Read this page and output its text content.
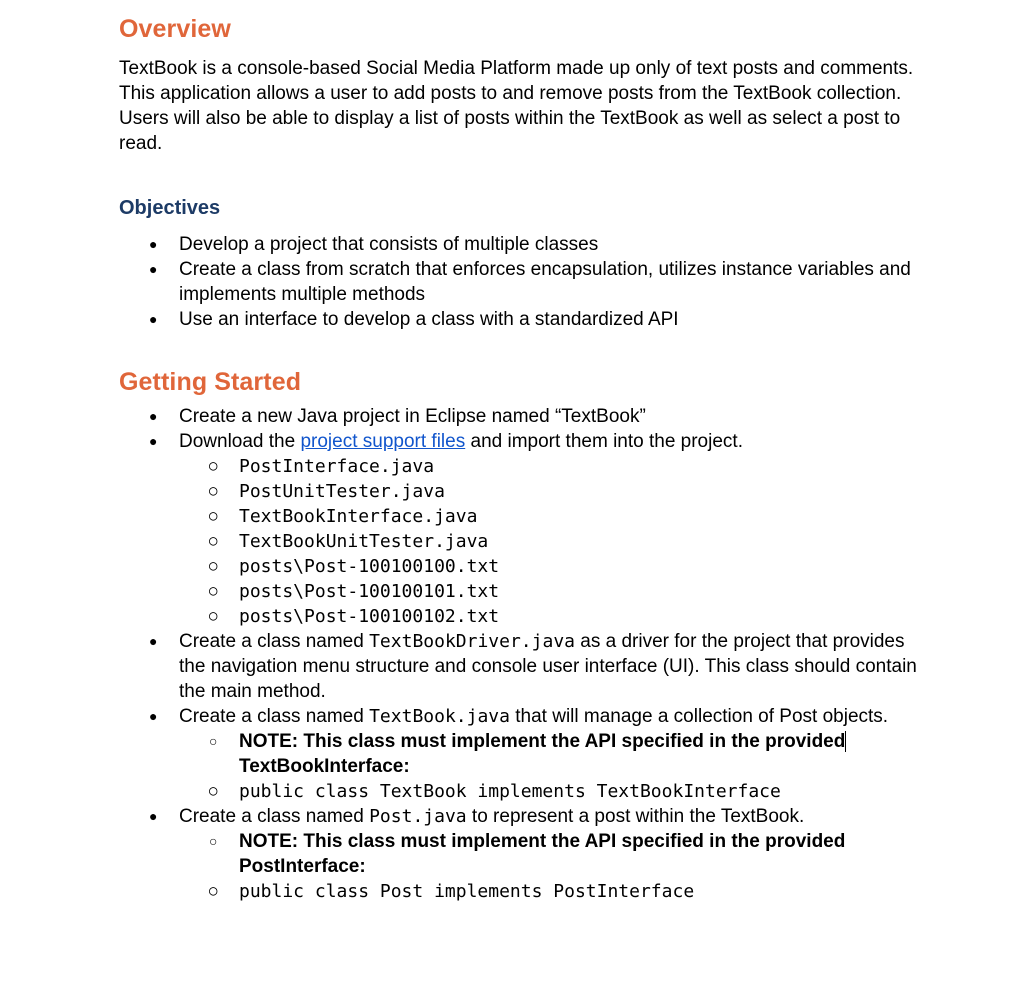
Overview

TextBook is a console-based Social Media Platform made up only of text posts and comments. This application allows a user to add posts to and remove posts from the TextBook collection. Users will also be able to display a list of posts within the TextBook as well as select a post to read.

Objectives
● Develop a project that consists of multiple classes
● Create a class from scratch that enforces encapsulation, utilizes instance variables and implements multiple methods
● Use an interface to develop a class with a standardized API
Getting Started
● Create a new Java project in Eclipse named “TextBook”
● Download the project support files and import them into the project.
○ PostInterface.java
○ PostUnitTester.java
○ TextBookInterface.java
○ TextBookUnitTester.java
○ posts\Post-100100100.txt
○ posts\Post-100100101.txt
○ posts\Post-100100102.txt
● Create a class named TextBookDriver.java as a driver for the project that provides the navigation menu structure and console user interface (UI). This class should contain the main method.
● Create a class named TextBook.java that will manage a collection of Post objects.
○ NOTE: This class must implement the API specified in the provided TextBookInterface:
○ public class TextBook implements TextBookInterface
● Create a class named Post.java to represent a post within the TextBook.
○ NOTE: This class must implement the API specified in the provided PostInterface:
○ public class Post implements PostInterface
